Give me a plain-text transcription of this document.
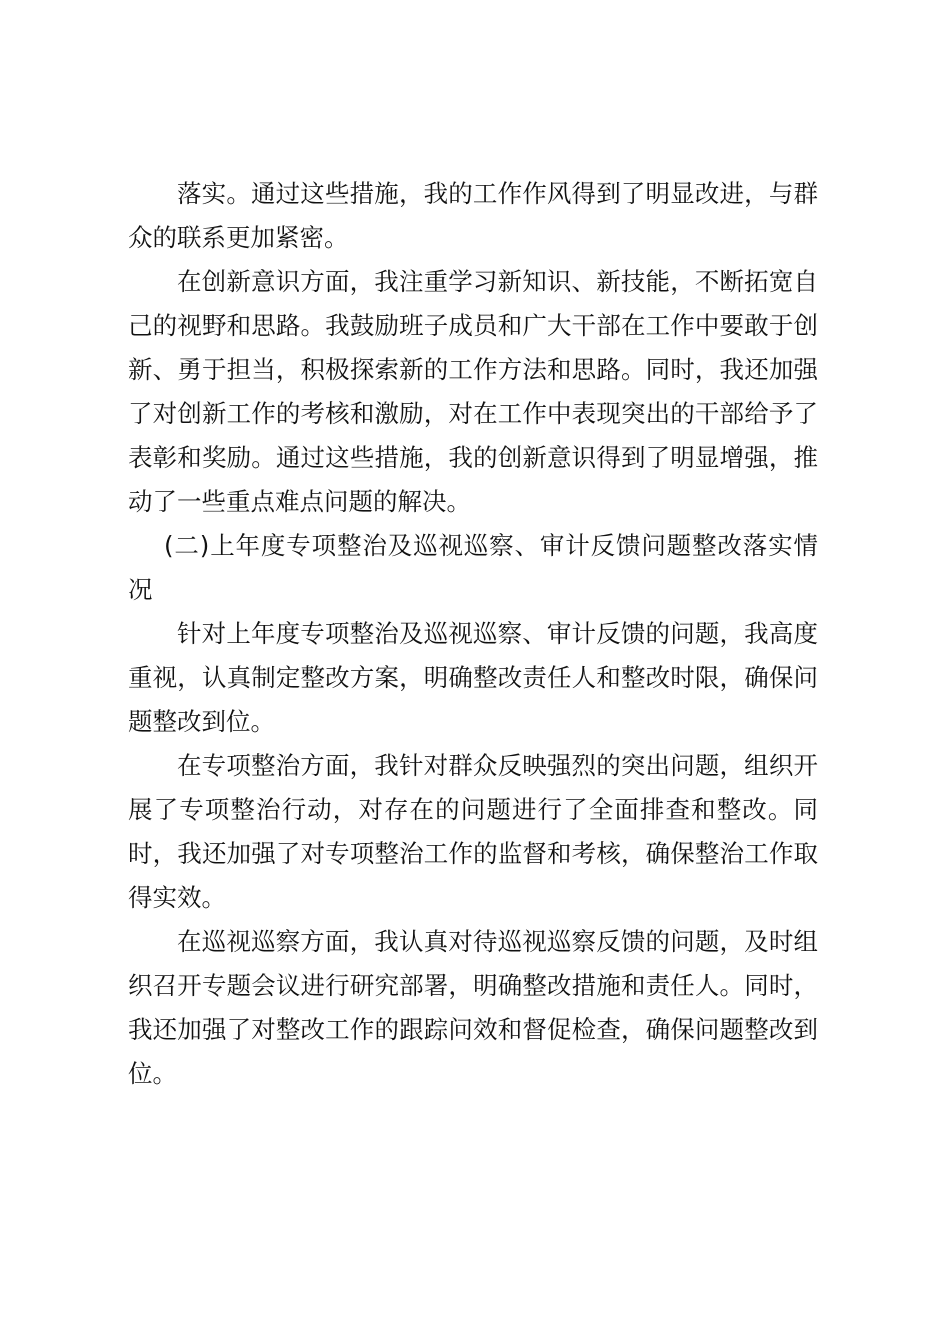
落实。通过这些措施，我的工作作风得到了明显改进，与群众的联系更加紧密。

在创新意识方面，我注重学习新知识、新技能，不断拓宽自己的视野和思路。我鼓励班子成员和广大干部在工作中要敢于创新、勇于担当，积极探索新的工作方法和思路。同时，我还加强了对创新工作的考核和激励，对在工作中表现突出的干部给予了表彰和奖励。通过这些措施，我的创新意识得到了明显增强，推动了一些重点难点问题的解决。

(二)上年度专项整治及巡视巡察、审计反馈问题整改落实情况

针对上年度专项整治及巡视巡察、审计反馈的问题，我高度重视，认真制定整改方案，明确整改责任人和整改时限，确保问题整改到位。

在专项整治方面，我针对群众反映强烈的突出问题，组织开展了专项整治行动，对存在的问题进行了全面排查和整改。同时，我还加强了对专项整治工作的监督和考核，确保整治工作取得实效。

在巡视巡察方面，我认真对待巡视巡察反馈的问题，及时组织召开专题会议进行研究部署，明确整改措施和责任人。同时，我还加强了对整改工作的跟踪问效和督促检查，确保问题整改到位。
